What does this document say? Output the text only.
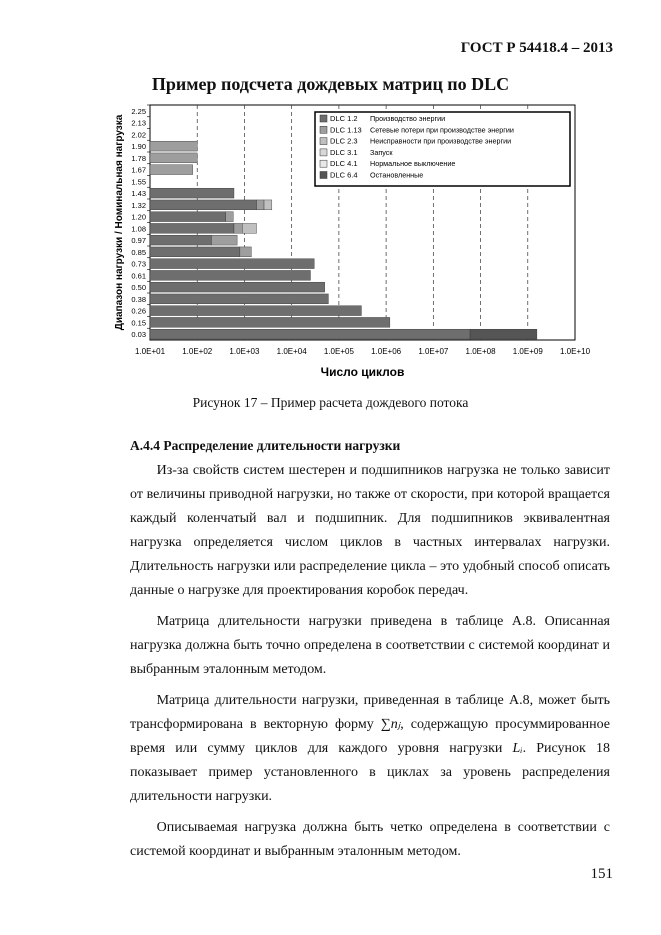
ГОСТ Р 54418.4 – 2013
Пример подсчета дождевых матриц по DLC
1.0E+01 1.0E+02 1.0E+03 1.0E+04 1.0E+05 1.0E+06 1.0E+07 1.0E+08 1.0E+09 1.0E+10
2.25
2.13
2.02
1.90
1.78
1.67
1.55
1.43
1.32
1.20
1.08
0.97
0.85
0.73
0.61
0.50
0.38
0.26
0.15
0.03
DLC 1.2 Производство энергии
DLC 1.13 Сетевые потери при производстве энергии
DLC 2.3 Неисправности при производстве энергии
DLC 3.1 Запуск
DLC 4.1 Нормальное выключение
DLC 6.4 Остановленные
Число циклов
Диапазон нагрузки / Номинальная нагрузка
Рисунок 17 – Пример расчета дождевого потока
А.4.4 Распределение длительности нагрузки

Из-за свойств систем шестерен и подшипников нагрузка не только зависит от величины приводной нагрузки, но также от скорости, при которой вращается каждый коленчатый вал и подшипник. Для подшипников эквивалентная нагрузка определяется числом циклов в частных интервалах нагрузки. Длительность нагрузки или распределение цикла – это удобный способ описать данные о нагрузке для проектирования коробок передач.

Матрица длительности нагрузки приведена в таблице А.8. Описанная нагрузка должна быть точно определена в соответствии с системой координат и выбранным эталонным методом.

Матрица длительности нагрузки, приведенная в таблице А.8, может быть трансформирована в векторную форму ∑nⱼ, содержащую просуммированное время или сумму циклов для каждого уровня нагрузки Lᵢ. Рисунок 18 показывает пример установленного в циклах за уровень распределения длительности нагрузки.

Описываемая нагрузка должна быть четко определена в соответствии с системой координат и выбранным эталонным методом.

151
